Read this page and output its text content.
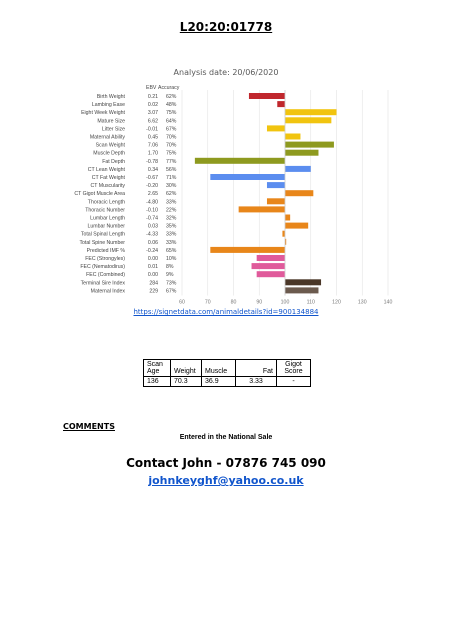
L20:20:01778
Analysis date: 20/06/2020
60	70	80	90	100	110	120	130	140
EBV Accuracy
Birth Weight	0.21 62%
Lambing Ease	0.02 48%
Eight Week Weight	3.07 75%
Mature Size	6.62 64%
Litter Size	-0.01 67%
Maternal Ability	0.45 70%
Scan Weight	7.06 70%
Muscle Depth	1.70 75%
Fat Depth	-0.78 77%
CT Lean Weight	0.34 56%
CT Fat Weight	-0.67 71%
CT Muscularity	-0.20 30%
CT Gigot Muscle Area	2.65 62%
Thoracic Length	-4.80 33%
Thoracic Number	-0.10 22%
Lumbar Length	-0.74 32%
Lumbar Number	0.03 35%
Total Spinal Length	-4.33 33%
Total Spine Number	0.06 33%
Predicted IMF %	-0.24 65%
FEC (Strongyles)	0.00 10%
FEC (Nematodirus)	0.01 8%
FEC (Combined)	0.00 9%
Terminal Sire Index	284 73%
Maternal Index	229 67%
https://signetdata.com/animaldetails?id=900134884
Scan
Age	Weight	Muscle	Fat	Gigot
Score
136	70.3	36.9	3.33	-
COMMENTS
Entered in the National Sale
Contact John - 07876 745 090
johnkeyghf@yahoo.co.uk
